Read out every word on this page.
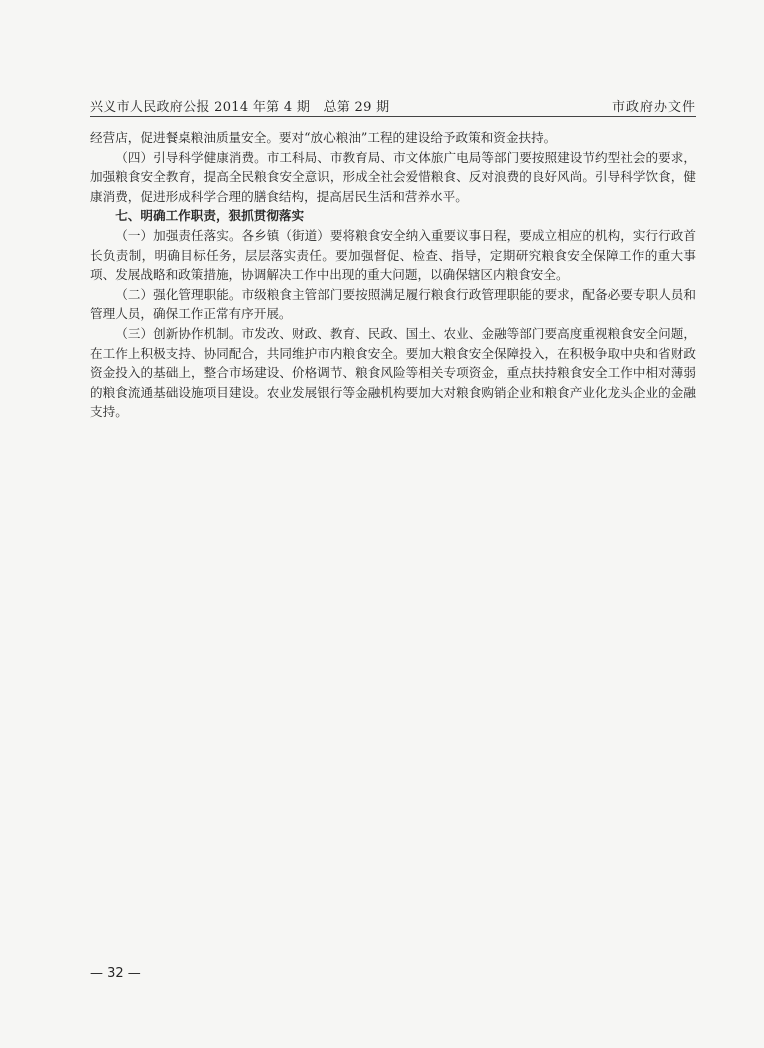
兴义市人民政府公报 2014 年第 4 期　总第 29 期	市政府办文件

经营店，促进餐桌粮油质量安全。要对“放心粮油”工程的建设给予政策和资金扶持。

（四）引导科学健康消费。市工科局、市教育局、市文体旅广电局等部门要按照建设节约型社会的要求，加强粮食安全教育，提高全民粮食安全意识，形成全社会爱惜粮食、反对浪费的良好风尚。引导科学饮食，健康消费，促进形成科学合理的膳食结构，提高居民生活和营养水平。

七、明确工作职责，狠抓贯彻落实

（一）加强责任落实。各乡镇（街道）要将粮食安全纳入重要议事日程，要成立相应的机构，实行行政首长负责制，明确目标任务，层层落实责任。要加强督促、检查、指导，定期研究粮食安全保障工作的重大事项、发展战略和政策措施，协调解决工作中出现的重大问题，以确保辖区内粮食安全。

（二）强化管理职能。市级粮食主管部门要按照满足履行粮食行政管理职能的要求，配备必要专职人员和管理人员，确保工作正常有序开展。

（三）创新协作机制。市发改、财政、教育、民政、国土、农业、金融等部门要高度重视粮食安全问题，在工作上积极支持、协同配合，共同维护市内粮食安全。要加大粮食安全保障投入，在积极争取中央和省财政资金投入的基础上，整合市场建设、价格调节、粮食风险等相关专项资金，重点扶持粮食安全工作中相对薄弱的粮食流通基础设施项目建设。农业发展银行等金融机构要加大对粮食购销企业和粮食产业化龙头企业的金融支持。

— 32 —
